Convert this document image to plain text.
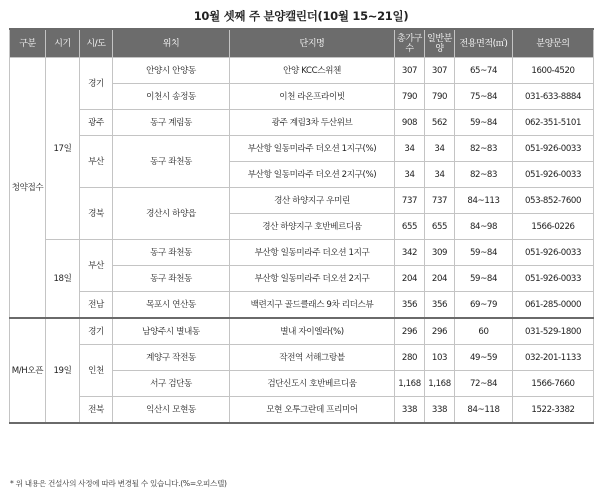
10월 셋째 주 분양캘린더(10월 15~21일)
구분	시기	시/도	위치	단지명	총가구수	일반분양	전용면적(㎡)	분양문의
청약접수	17일	경기	안양시 안양동	안양 KCC스위첸	307	307	65~74	1600-4520
			이천시 송정동	이천 라온프라이빗	790	790	75~84	031-633-8884
		광주	동구 계림동	광주 계림3차 두산위브	908	562	59~84	062-351-5101
		부산	동구 좌천동	부산항 일동미라주 더오션 1지구(%)	34	34	82~83	051-926-0033
				부산항 일동미라주 더오션 2지구(%)	34	34	82~83	051-926-0033
		경북	경산시 하양읍	경산 하양지구 우미린	737	737	84~113	053-852-7600
				경산 하양지구 호반베르디움	655	655	84~98	1566-0226
	18일	부산	동구 좌천동	부산항 일동미라주 더오션 1지구	342	309	59~84	051-926-0033
			동구 좌천동	부산항 일동미라주 더오션 2지구	204	204	59~84	051-926-0033
		전남	목포시 연산동	백련지구 골드클래스 9차 리더스뷰	356	356	69~79	061-285-0000
M/H오픈	19일	경기	남양주시 별내동	별내 자이엘라(%)	296	296	60	031-529-1800
		인천	계양구 작전동	작전역 서해그랑블	280	103	49~59	032-201-1133
			서구 검단동	검단신도시 호반베르디움	1,168	1,168	72~84	1566-7660
		전북	익산시 모현동	모현 오투그란데 프리미어	338	338	84~118	1522-3382
* 위 내용은 건설사의 사정에 따라 변경될 수 있습니다.(%=오피스텔)
